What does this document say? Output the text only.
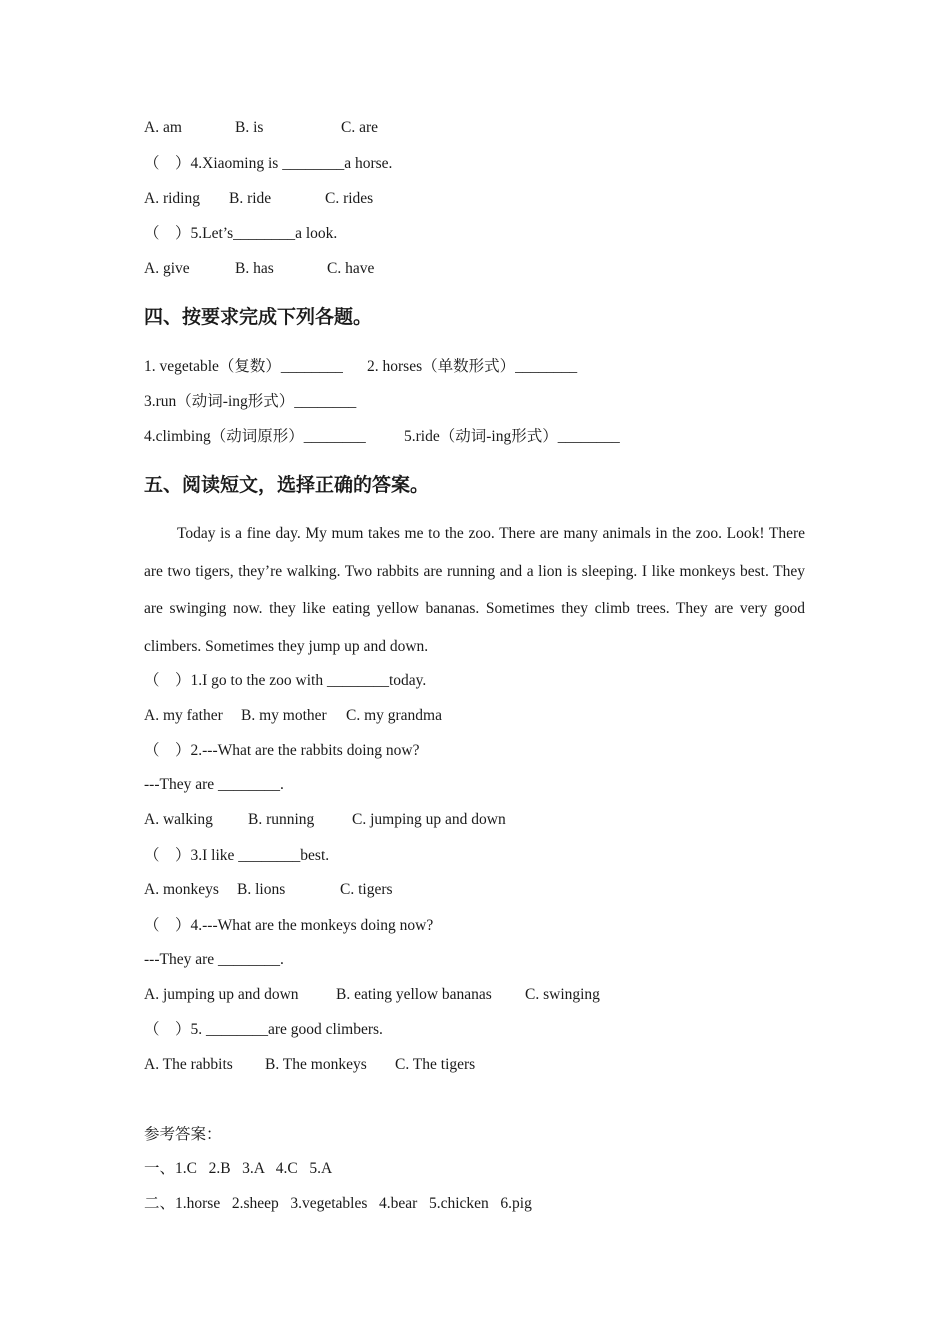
A. am

	B. is

	C. are

（    ）4.Xiaoming is ________a horse.

A. riding

B. ride

	C. rides

（    ）5.Let’s________a look.

A. give

	B. has

	C. have

四、按要求完成下列各题。

1. vegetable（复数）________

2. horses（单数形式）________

3.run（动词-ing形式）________

4.climbing（动词原形）________

5.ride（动词-ing形式）________

五、阅读短文，选择正确的答案。
Today is a fine day. My mum takes me to the zoo. There are many animals in the zoo. Look! There are two tigers, they’re walking. Two rabbits are running and a lion is sleeping. I like monkeys best. They are swinging now. they like eating yellow bananas. Sometimes they climb trees. They are very good climbers. Sometimes they jump up and down.
（    ）1.I go to the zoo with ________today.

A. my father

B. my mother

C. my grandma

（    ）2.---What are the rabbits doing now?
---They are ________.

A. walking

B. running

C. jumping up and down

（    ）3.I like ________best.

A. monkeys

B. lions

	C. tigers

（    ）4.---What are the monkeys doing now?
---They are ________.

A. jumping up and down

B. eating yellow bananas

C. swinging

（    ）5. ________are good climbers.

A. The rabbits

B. The monkeys

C. The tigers

参考答案：
一、1.C   2.B   3.A   4.C   5.A
二、1.horse   2.sheep   3.vegetables   4.bear   5.chicken   6.pig
